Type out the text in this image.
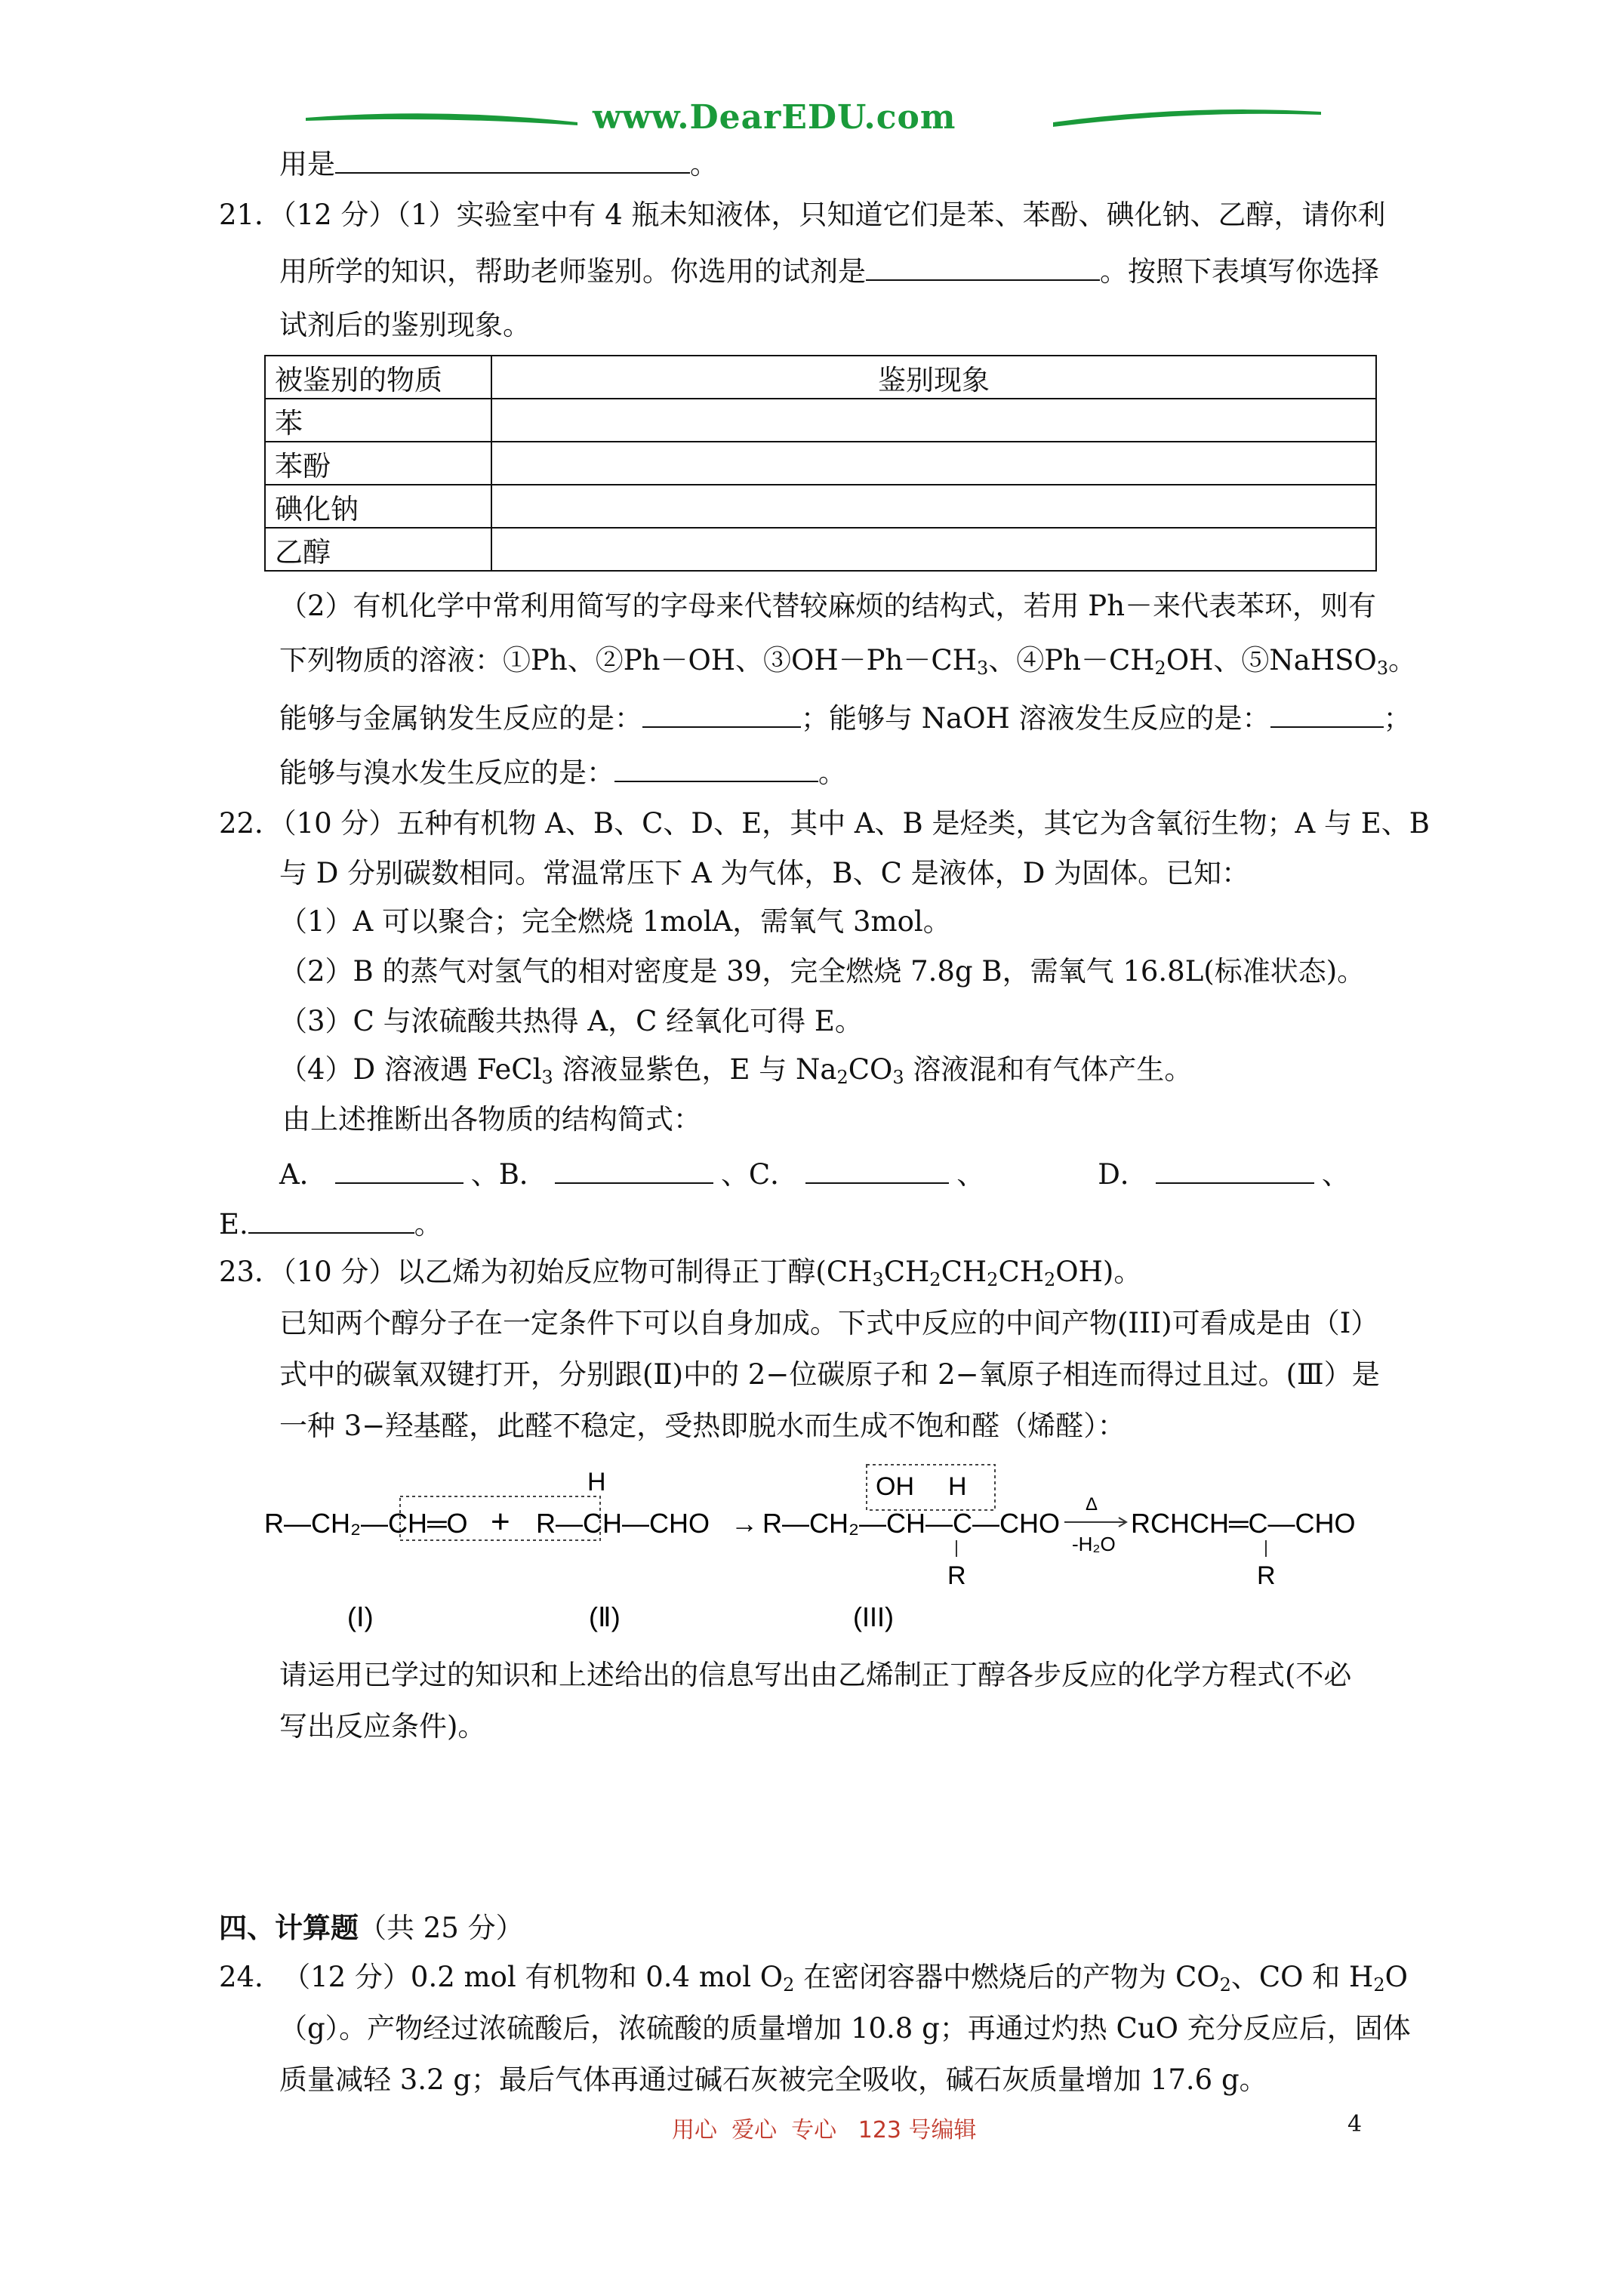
www.DearEDU.com
用是	。
21．（12 分）（1）实验室中有 4 瓶未知液体，只知道它们是苯、苯酚、碘化钠、乙醇，请你利
用所学的知识，帮助老师鉴别。你选用的试剂是	。按照下表填写你选择
试剂后的鉴别现象。
被鉴别的物质	鉴别现象
苯	
苯酚	
碘化钠	
乙醇	
（2）有机化学中常利用简写的字母来代替较麻烦的结构式，若用 Ph－来代表苯环，则有
下列物质的溶液：①Ph、②Ph－OH、$③OH-Ph-CH_3$、$④Ph-CH_2OH$、⑤NaHSO$_3$。
能够与金属钠发生反应的是：	；能够与 NaOH 溶液发生反应的是：	；
能够与溴水发生反应的是：	。
22．（10 分）五种有机物 A、B、C、D、E，其中 A、B 是烃类，其它为含氧衍生物；A 与 E、B
与 D 分别碳数相同。常温常压下 A 为气体，B、C 是液体，D 为固体。已知：
（1）A 可以聚合；完全燃烧 1molA，需氧气 3mol。
（2）B 的蒸气对氢气的相对密度是 39，完全燃烧 7.8g B，需氧气 16.8L(标准状态)。
（3）C 与浓硫酸共热得 A，C 经氧化可得 E。
（4）D 溶液遇 FeCl$_3$ 溶液显紫色，E 与 $Na_2CO_3$ 溶液混和有气体产生。
由上述推断出各物质的结构简式：
A．	、B．	、C．	、	D．	、
E.	。
23．（10 分）以乙烯为初始反应物可制得正丁醇$(CH_3CH_2CH_2CH_2OH)$。
已知两个醇分子在一定条件下可以自身加成。下式中反应的中间产物(III)可看成是由（Ⅰ）
式中的碳氧双键打开，分别跟(Ⅱ)中的 2−位碳原子和 2−氧原子相连而得过且过。(Ⅲ）是
一种 3−羟基醛，此醛不稳定，受热即脱水而生成不饱和醛（烯醛）：
R—CH₂—CH═O + R—CH—CHO
H
→ R—CH₂—CH—C—CHO
OH H
R
Δ
-H₂O
RCHCH═C—CHO
R
(Ⅰ)	(Ⅱ)	(III)
请运用已学过的知识和上述给出的信息写出由乙烯制正丁醇各步反应的化学方程式(不必
写出反应条件)。
四、计算题（共 25 分）
24．　（12 分）0.2 mol 有机物和 0.4 mol $O_2$ 在密闭容器中燃烧后的产物为 $CO_2$、CO 和 $H_2O$
（g）。产物经过浓硫酸后，浓硫酸的质量增加 10.8 g；再通过灼热 CuO 充分反应后，固体
质量减轻 3.2 g；最后气体再通过碱石灰被完全吸收，碱石灰质量增加 17.6 g。
用心  爱心  专心   123 号编辑	4
